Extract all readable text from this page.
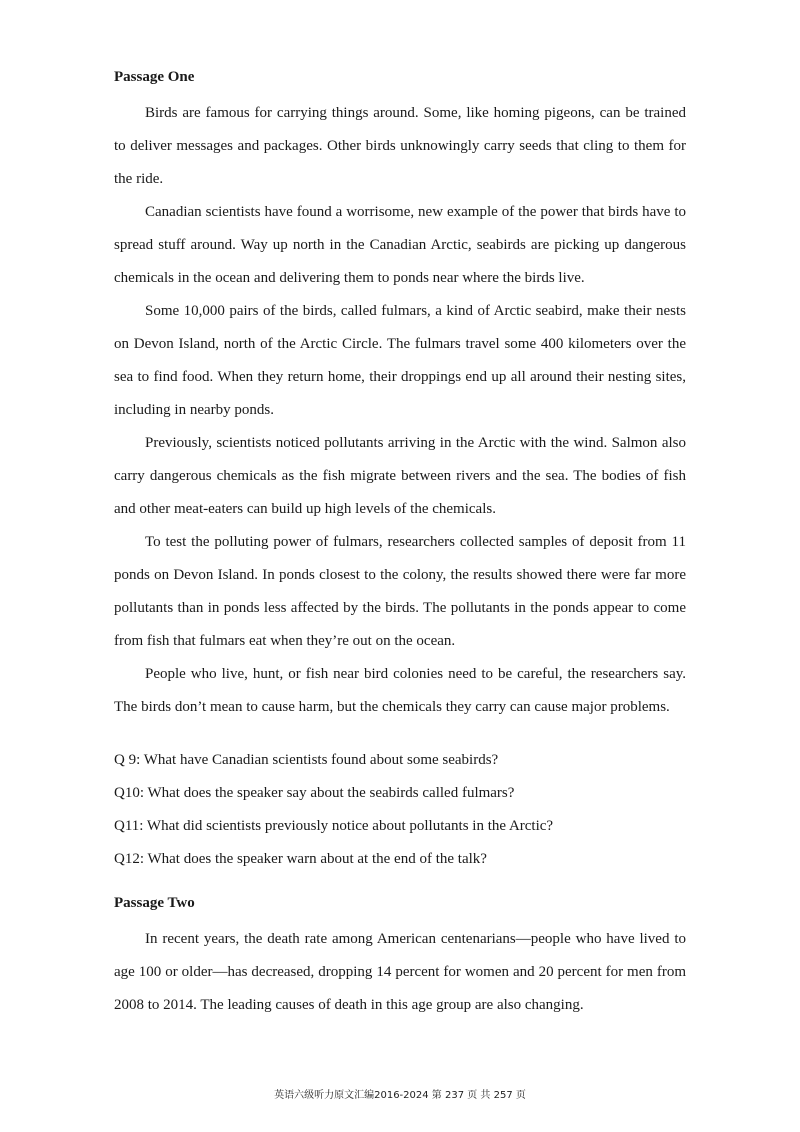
Passage One

Birds are famous for carrying things around. Some, like homing pigeons, can be trained to deliver messages and packages. Other birds unknowingly carry seeds that cling to them for the ride.

Canadian scientists have found a worrisome, new example of the power that birds have to spread stuff around. Way up north in the Canadian Arctic, seabirds are picking up dangerous chemicals in the ocean and delivering them to ponds near where the birds live.

Some 10,000 pairs of the birds, called fulmars, a kind of Arctic seabird, make their nests on Devon Island, north of the Arctic Circle. The fulmars travel some 400 kilometers over the sea to find food. When they return home, their droppings end up all around their nesting sites, including in nearby ponds.

Previously, scientists noticed pollutants arriving in the Arctic with the wind. Salmon also carry dangerous chemicals as the fish migrate between rivers and the sea. The bodies of fish and other meat-eaters can build up high levels of the chemicals.

To test the polluting power of fulmars, researchers collected samples of deposit from 11 ponds on Devon Island. In ponds closest to the colony, the results showed there were far more pollutants than in ponds less affected by the birds. The pollutants in the ponds appear to come from fish that fulmars eat when they’re out on the ocean.

People who live, hunt, or fish near bird colonies need to be careful, the researchers say. The birds don’t mean to cause harm, but the chemicals they carry can cause major problems.

Q 9: What have Canadian scientists found about some seabirds?

Q10: What does the speaker say about the seabirds called fulmars?

Q11: What did scientists previously notice about pollutants in the Arctic?

Q12: What does the speaker warn about at the end of the talk?

Passage Two

In recent years, the death rate among American centenarians—people who have lived to age 100 or older—has decreased, dropping 14 percent for women and 20 percent for men from 2008 to 2014. The leading causes of death in this age group are also changing.

英语六级听力原文汇编2016-2024 第 237 页 共 257 页
